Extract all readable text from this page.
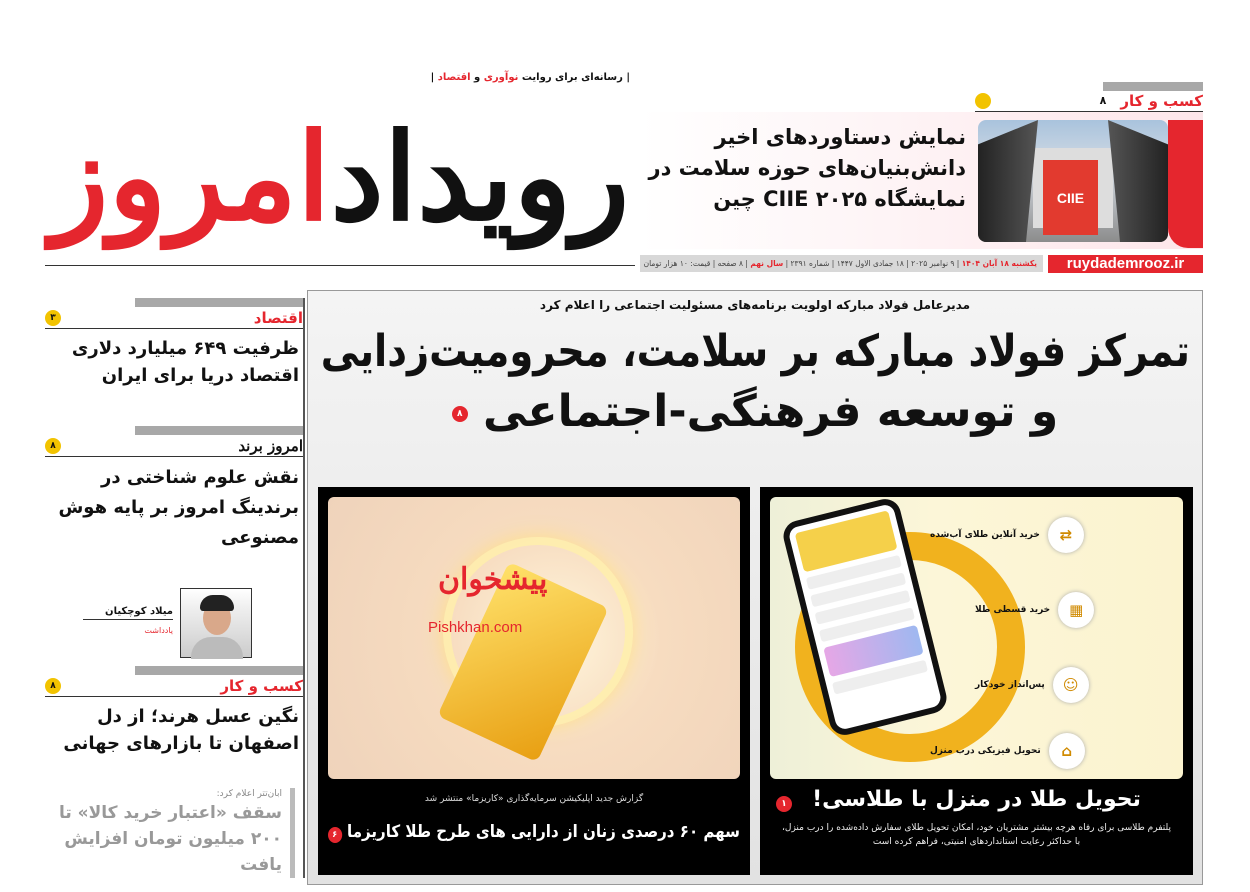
رویدادامروز
| رسانه‌ای برای روایت نوآوری و اقتصاد |
کسب و کار
۸
CIIE
نمایش دستاوردهای اخیر دانش‌بنیان‌های حوزه سلامت در نمایشگاه CIIE ۲۰۲۵ چین
یکشنبه ۱۸ آبان ۱۴۰۴ | ۹ نوامبر ۲۰۲۵ | ۱۸ جمادی الاول ۱۴۴۷ | شماره ۲۳۹۱ | سال نهم | ۸ صفحه | قیمت: ۱۰ هزار تومان	ruydademrooz.ir
اقتصاد
۳
ظرفیت ۶۴۹ میلیارد دلاری اقتصاد دریا برای ایران
امروز برند
۸
نقش علوم شناختی در برندینگ امروز بر پایه هوش مصنوعی
میلاد کوچکیان
یادداشت
کسب و کار
۸
نگین عسل هرند؛ از دل اصفهان تا بازارهای جهانی
ابان‌تتر اعلام کرد:
سقف «اعتبار خرید کالا» تا ۲۰۰ میلیون تومان افزایش یافت
مدیرعامل فولاد مبارکه اولویت برنامه‌های مسئولیت اجتماعی را اعلام کرد
تمرکز فولاد مبارکه بر سلامت، محرومیت‌زدایی
و توسعه فرهنگی-اجتماعی ۸
پیشخوان
Pishkhan.com
گزارش جدید اپلیکیشن سرمایه‌گذاری «کاریزما» منتشر شد
سهم ۶۰ درصدی زنان از دارایی های طرح طلا کاریزما ۶
⇄
خرید آنلاین طلای آب‌شده
▦
خرید قسطی طلا
☺
پس‌انداز خودکار
⌂
تحویل فیزیکی درب منزل
تحویل طلا در منزل با طلاسی!
پلتفرم طلاسی برای رفاه هرچه بیشتر مشتریان خود، امکان تحویل طلای سفارش داده‌شده را درب منزل، با حداکثر رعایت استانداردهای امنیتی، فراهم کرده است
۱
